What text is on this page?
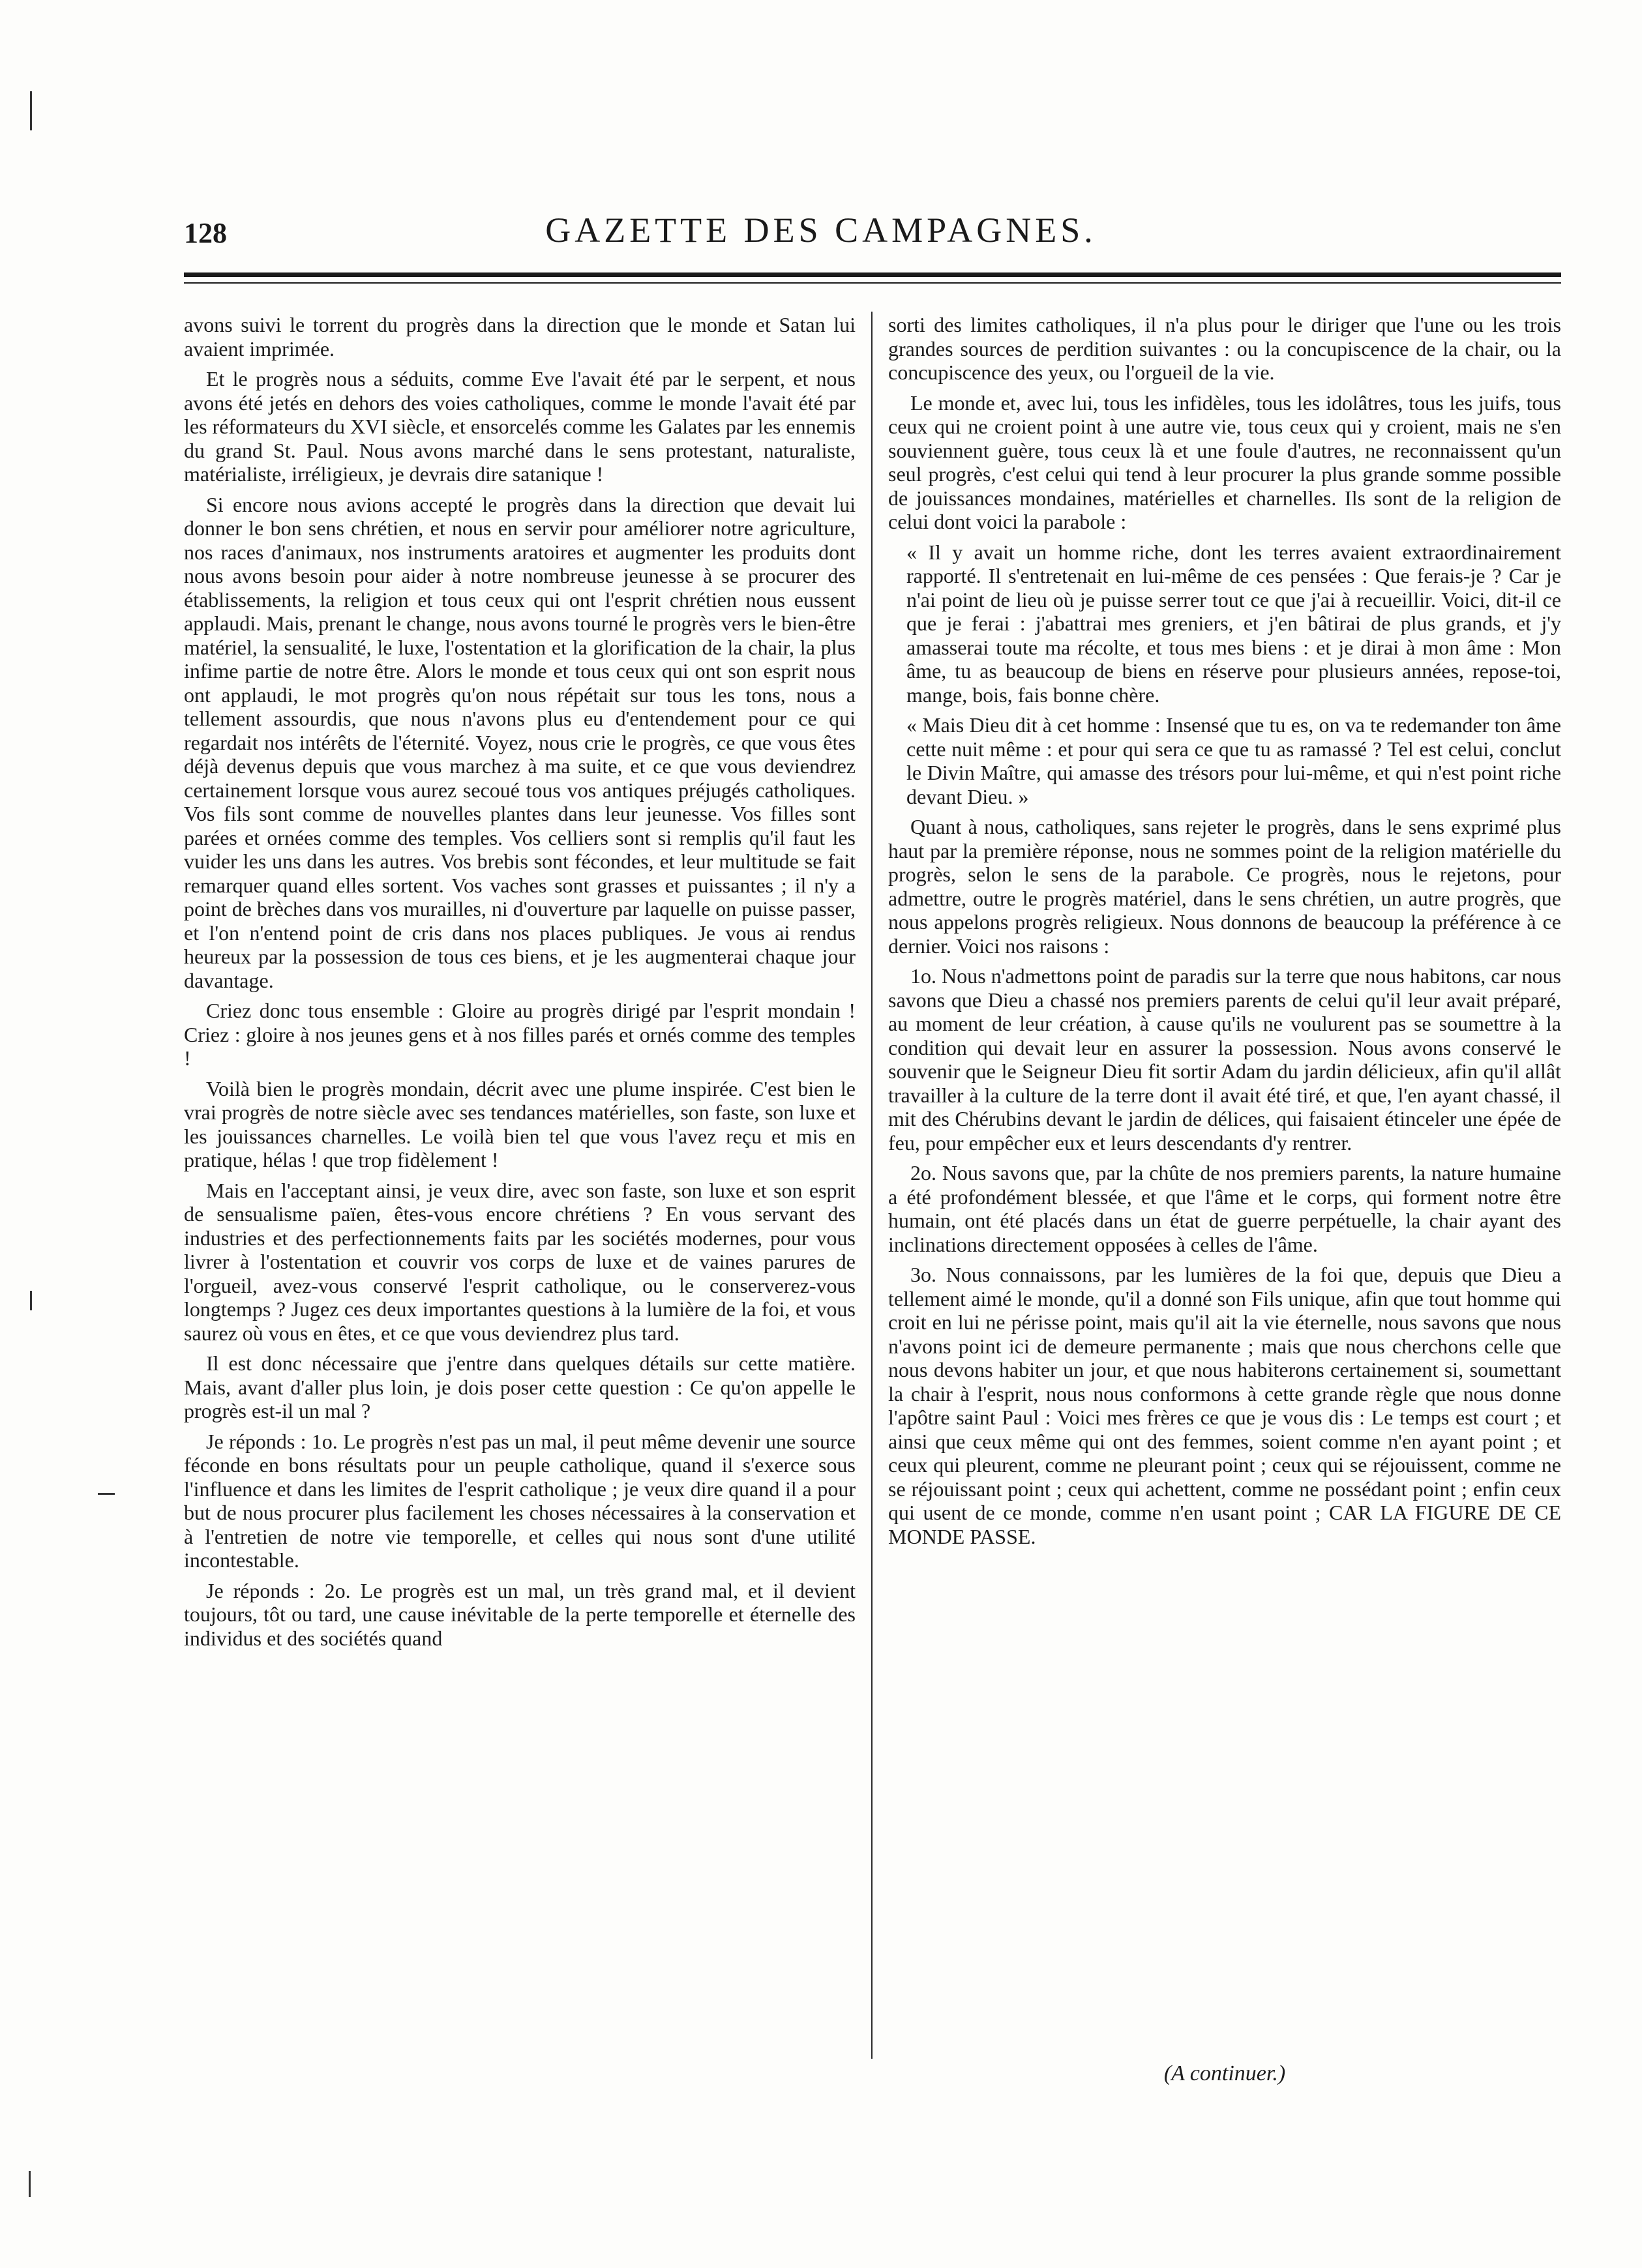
128	GAZETTE DES CAMPAGNES.

avons suivi le torrent du progrès dans la direction que le monde et Satan lui avaient imprimée.

Et le progrès nous a séduits, comme Eve l'avait été par le serpent, et nous avons été jetés en dehors des voies catholiques, comme le monde l'avait été par les réformateurs du XVI siècle, et ensorcelés comme les Galates par les ennemis du grand St. Paul. Nous avons marché dans le sens protestant, naturaliste, matérialiste, irréligieux, je devrais dire satanique !

Si encore nous avions accepté le progrès dans la direction que devait lui donner le bon sens chrétien, et nous en servir pour améliorer notre agriculture, nos races d'animaux, nos instruments aratoires et augmenter les produits dont nous avons besoin pour aider à notre nombreuse jeunesse à se procurer des établissements, la religion et tous ceux qui ont l'esprit chrétien nous eussent applaudi. Mais, prenant le change, nous avons tourné le progrès vers le bien-être matériel, la sensualité, le luxe, l'ostentation et la glorification de la chair, la plus infime partie de notre être. Alors le monde et tous ceux qui ont son esprit nous ont applaudi, le mot progrès qu'on nous répétait sur tous les tons, nous a tellement assourdis, que nous n'avons plus eu d'entendement pour ce qui regardait nos intérêts de l'éternité. Voyez, nous crie le progrès, ce que vous êtes déjà devenus depuis que vous marchez à ma suite, et ce que vous deviendrez certainement lorsque vous aurez secoué tous vos antiques préjugés catholiques. Vos fils sont comme de nouvelles plantes dans leur jeunesse. Vos filles sont parées et ornées comme des temples. Vos celliers sont si remplis qu'il faut les vuider les uns dans les autres. Vos brebis sont fécondes, et leur multitude se fait remarquer quand elles sortent. Vos vaches sont grasses et puissantes ; il n'y a point de brèches dans vos murailles, ni d'ouverture par laquelle on puisse passer, et l'on n'entend point de cris dans nos places publiques. Je vous ai rendus heureux par la possession de tous ces biens, et je les augmenterai chaque jour davantage.

Criez donc tous ensemble : Gloire au progrès dirigé par l'esprit mondain ! Criez : gloire à nos jeunes gens et à nos filles parés et ornés comme des temples !

Voilà bien le progrès mondain, décrit avec une plume inspirée. C'est bien le vrai progrès de notre siècle avec ses tendances matérielles, son faste, son luxe et les jouissances charnelles. Le voilà bien tel que vous l'avez reçu et mis en pratique, hélas ! que trop fidèlement !

Mais en l'acceptant ainsi, je veux dire, avec son faste, son luxe et son esprit de sensualisme païen, êtes-vous encore chrétiens ? En vous servant des industries et des perfectionnements faits par les sociétés modernes, pour vous livrer à l'ostentation et couvrir vos corps de luxe et de vaines parures de l'orgueil, avez-vous conservé l'esprit catholique, ou le conserverez-vous longtemps ? Jugez ces deux importantes questions à la lumière de la foi, et vous saurez où vous en êtes, et ce que vous deviendrez plus tard.

Il est donc nécessaire que j'entre dans quelques détails sur cette matière. Mais, avant d'aller plus loin, je dois poser cette question : Ce qu'on appelle le progrès est-il un mal ?

Je réponds : 1o. Le progrès n'est pas un mal, il peut même devenir une source féconde en bons résultats pour un peuple catholique, quand il s'exerce sous l'influence et dans les limites de l'esprit catholique ; je veux dire quand il a pour but de nous procurer plus facilement les choses nécessaires à la conservation et à l'entretien de notre vie temporelle, et celles qui nous sont d'une utilité incontestable.

Je réponds : 2o. Le progrès est un mal, un très grand mal, et il devient toujours, tôt ou tard, une cause inévitable de la perte temporelle et éternelle des individus et des sociétés quand

sorti des limites catholiques, il n'a plus pour le diriger que l'une ou les trois grandes sources de perdition suivantes : ou la concupiscence de la chair, ou la concupiscence des yeux, ou l'orgueil de la vie.

Le monde et, avec lui, tous les infidèles, tous les idolâtres, tous les juifs, tous ceux qui ne croient point à une autre vie, tous ceux qui y croient, mais ne s'en souviennent guère, tous ceux là et une foule d'autres, ne reconnaissent qu'un seul progrès, c'est celui qui tend à leur procurer la plus grande somme possible de jouissances mondaines, matérielles et charnelles. Ils sont de la religion de celui dont voici la parabole :

« Il y avait un homme riche, dont les terres avaient extraordinairement rapporté. Il s'entretenait en lui-même de ces pensées : Que ferais-je ? Car je n'ai point de lieu où je puisse serrer tout ce que j'ai à recueillir. Voici, dit-il ce que je ferai : j'abattrai mes greniers, et j'en bâtirai de plus grands, et j'y amasserai toute ma récolte, et tous mes biens : et je dirai à mon âme : Mon âme, tu as beaucoup de biens en réserve pour plusieurs années, repose-toi, mange, bois, fais bonne chère.

« Mais Dieu dit à cet homme : Insensé que tu es, on va te redemander ton âme cette nuit même : et pour qui sera ce que tu as ramassé ? Tel est celui, conclut le Divin Maître, qui amasse des trésors pour lui-même, et qui n'est point riche devant Dieu. »

Quant à nous, catholiques, sans rejeter le progrès, dans le sens exprimé plus haut par la première réponse, nous ne sommes point de la religion matérielle du progrès, selon le sens de la parabole. Ce progrès, nous le rejetons, pour admettre, outre le progrès matériel, dans le sens chrétien, un autre progrès, que nous appelons progrès religieux. Nous donnons de beaucoup la préférence à ce dernier. Voici nos raisons :

1o. Nous n'admettons point de paradis sur la terre que nous habitons, car nous savons que Dieu a chassé nos premiers parents de celui qu'il leur avait préparé, au moment de leur création, à cause qu'ils ne voulurent pas se soumettre à la condition qui devait leur en assurer la possession. Nous avons conservé le souvenir que le Seigneur Dieu fit sortir Adam du jardin délicieux, afin qu'il allât travailler à la culture de la terre dont il avait été tiré, et que, l'en ayant chassé, il mit des Chérubins devant le jardin de délices, qui faisaient étinceler une épée de feu, pour empêcher eux et leurs descendants d'y rentrer.

2o. Nous savons que, par la chûte de nos premiers parents, la nature humaine a été profondément blessée, et que l'âme et le corps, qui forment notre être humain, ont été placés dans un état de guerre perpétuelle, la chair ayant des inclinations directement opposées à celles de l'âme.

3o. Nous connaissons, par les lumières de la foi que, depuis que Dieu a tellement aimé le monde, qu'il a donné son Fils unique, afin que tout homme qui croit en lui ne périsse point, mais qu'il ait la vie éternelle, nous savons que nous n'avons point ici de demeure permanente ; mais que nous cherchons celle que nous devons habiter un jour, et que nous habiterons certainement si, soumettant la chair à l'esprit, nous nous conformons à cette grande règle que nous donne l'apôtre saint Paul : Voici mes frères ce que je vous dis : Le temps est court ; et ainsi que ceux même qui ont des femmes, soient comme n'en ayant point ; et ceux qui pleurent, comme ne pleurant point ; ceux qui se réjouissent, comme ne se réjouissant point ; ceux qui achettent, comme ne possédant point ; enfin ceux qui usent de ce monde, comme n'en usant point ; CAR LA FIGURE DE CE MONDE PASSE.

(A continuer.)
